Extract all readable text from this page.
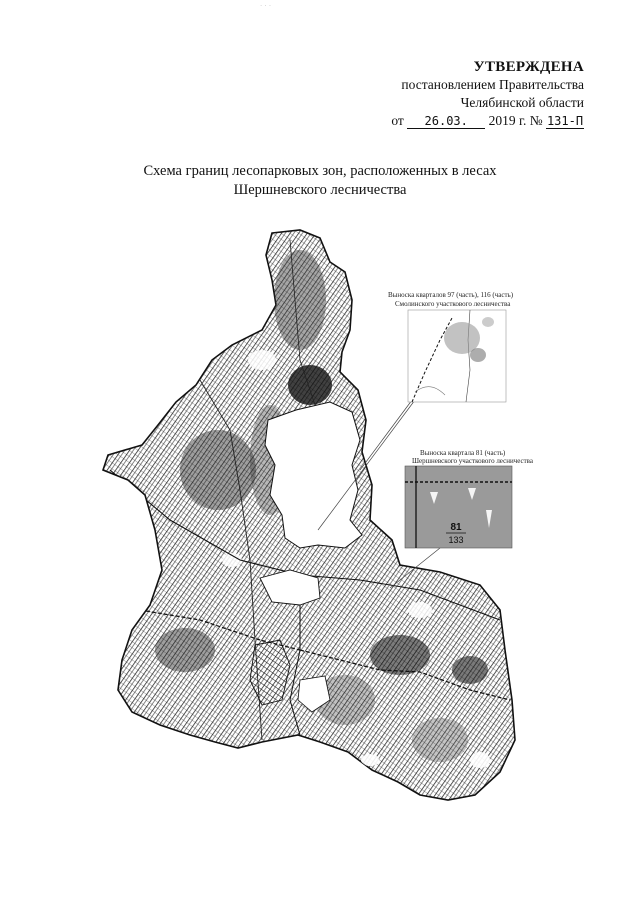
· · ·
УТВЕРЖДЕНА
постановлением Правительства
Челябинской области
от 26.03. 2019 г. № 131-П
Схема границ лесопарковых зон, расположенных в лесах
Шершневского лесничества
Выноска кварталов 97 (часть), 116 (часть)
Смолинского участкового лесничества
Выноска квартала 81 (часть)
Шершневского участкового лесничества
81
133
